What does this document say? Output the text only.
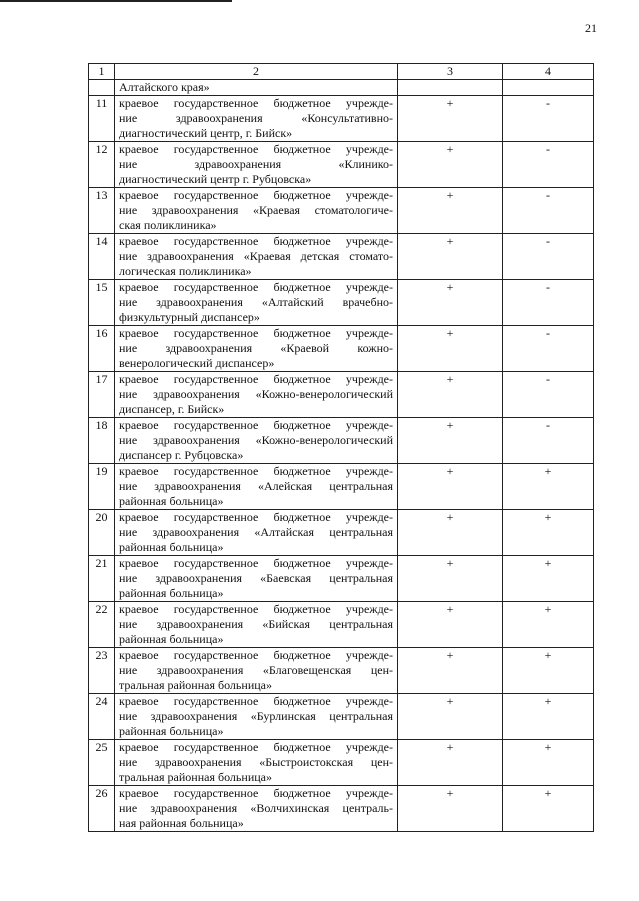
21
1	2	3	4
	Алтайского края»		
11	краевое государственное бюджетное учрежде-
ние здравоохранения «Консультативно-
диагностический центр, г. Бийск»	+	-
12	краевое государственное бюджетное учрежде-
ние здравоохранения «Клинико-
диагностический центр г. Рубцовска»	+	-
13	краевое государственное бюджетное учрежде-
ние здравоохранения «Краевая стоматологиче-
ская поликлиника»	+	-
14	краевое государственное бюджетное учрежде-
ние здравоохранения «Краевая детская стомато-
логическая поликлиника»	+	-
15	краевое государственное бюджетное учрежде-
ние здравоохранения «Алтайский врачебно-
физкультурный диспансер»	+	-
16	краевое государственное бюджетное учрежде-
ние здравоохранения «Краевой кожно-
венерологический диспансер»	+	-
17	краевое государственное бюджетное учрежде-
ние здравоохранения «Кожно-венерологический
диспансер, г. Бийск»	+	-
18	краевое государственное бюджетное учрежде-
ние здравоохранения «Кожно-венерологический
диспансер г. Рубцовска»	+	-
19	краевое государственное бюджетное учрежде-
ние здравоохранения «Алейская центральная
районная больница»	+	+
20	краевое государственное бюджетное учрежде-
ние здравоохранения «Алтайская центральная
районная больница»	+	+
21	краевое государственное бюджетное учрежде-
ние здравоохранения «Баевская центральная
районная больница»	+	+
22	краевое государственное бюджетное учрежде-
ние здравоохранения «Бийская центральная
районная больница»	+	+
23	краевое государственное бюджетное учрежде-
ние здравоохранения «Благовещенская цен-
тральная районная больница»	+	+
24	краевое государственное бюджетное учрежде-
ние здравоохранения «Бурлинская центральная
районная больница»	+	+
25	краевое государственное бюджетное учрежде-
ние здравоохранения «Быстроистокская цен-
тральная районная больница»	+	+
26	краевое государственное бюджетное учрежде-
ние здравоохранения «Волчихинская централь-
ная районная больница»	+	+
